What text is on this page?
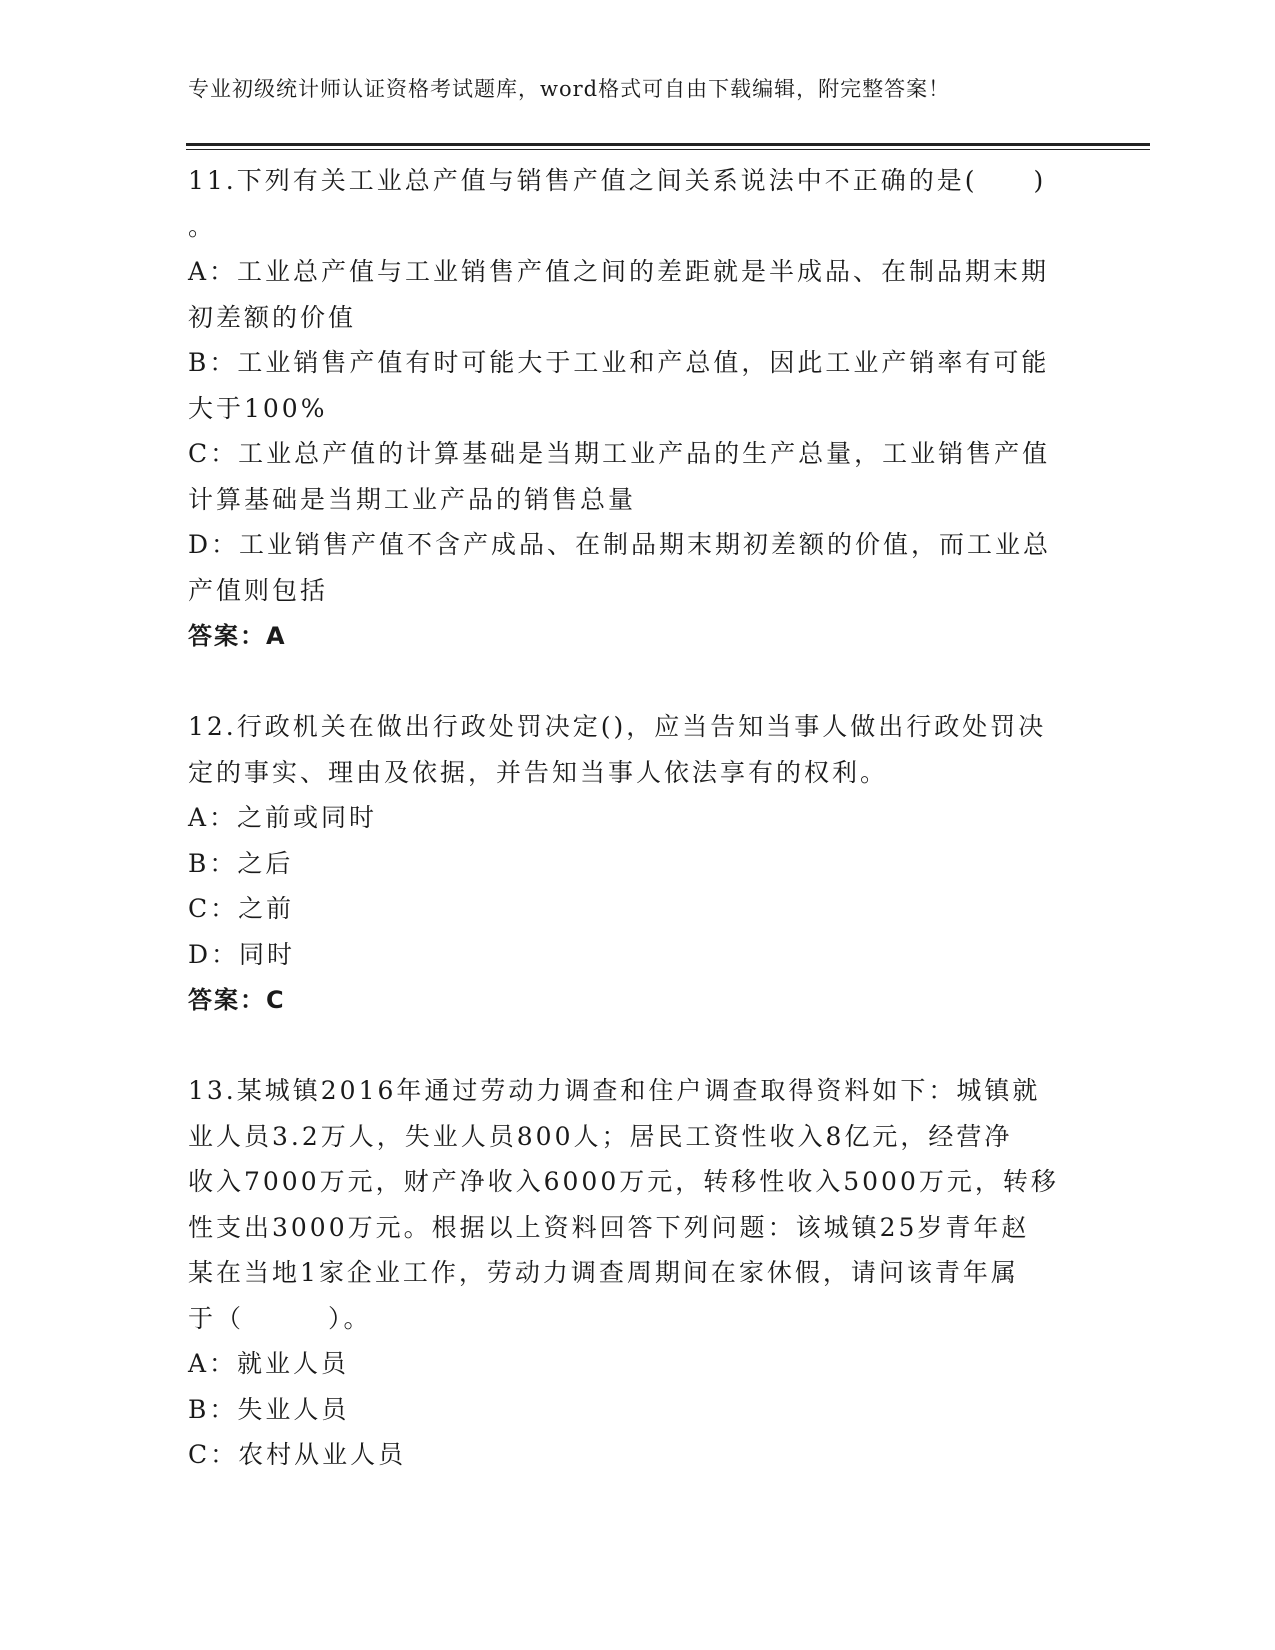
专业初级统计师认证资格考试题库，word格式可自由下载编辑，附完整答案！
11.下列有关工业总产值与销售产值之间关系说法中不正确的是(　　)
。
A：工业总产值与工业销售产值之间的差距就是半成品、在制品期末期
初差额的价值
B：工业销售产值有时可能大于工业和产总值，因此工业产销率有可能
大于100%
C：工业总产值的计算基础是当期工业产品的生产总量，工业销售产值
计算基础是当期工业产品的销售总量
D：工业销售产值不含产成品、在制品期末期初差额的价值，而工业总
产值则包括
答案：A
12.行政机关在做出行政处罚决定()，应当告知当事人做出行政处罚决
定的事实、理由及依据，并告知当事人依法享有的权利。
A：之前或同时
B：之后
C：之前
D：同时
答案：C
13.某城镇2016年通过劳动力调查和住户调查取得资料如下：城镇就
业人员3.2万人，失业人员800人；居民工资性收入8亿元，经营净
收入7000万元，财产净收入6000万元，转移性收入5000万元，转移
性支出3000万元。根据以上资料回答下列问题：该城镇25岁青年赵
某在当地1家企业工作，劳动力调查周期间在家休假，请问该青年属
于（　　　）。
A：就业人员
B：失业人员
C：农村从业人员
